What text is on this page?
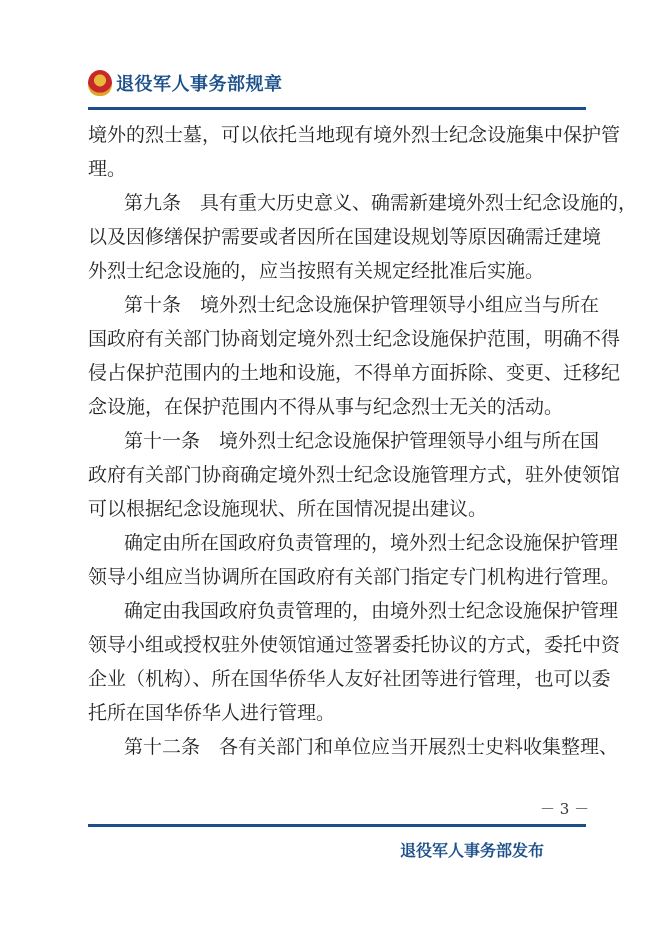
退役军人事务部规章
境外的烈士墓，可以依托当地现有境外烈士纪念设施集中保护管
理。
第九条　具有重大历史意义、确需新建境外烈士纪念设施的，
以及因修缮保护需要或者因所在国建设规划等原因确需迁建境
外烈士纪念设施的，应当按照有关规定经批准后实施。
第十条　境外烈士纪念设施保护管理领导小组应当与所在
国政府有关部门协商划定境外烈士纪念设施保护范围，明确不得
侵占保护范围内的土地和设施，不得单方面拆除、变更、迁移纪
念设施，在保护范围内不得从事与纪念烈士无关的活动。
第十一条　境外烈士纪念设施保护管理领导小组与所在国
政府有关部门协商确定境外烈士纪念设施管理方式，驻外使领馆
可以根据纪念设施现状、所在国情况提出建议。
确定由所在国政府负责管理的，境外烈士纪念设施保护管理
领导小组应当协调所在国政府有关部门指定专门机构进行管理。
确定由我国政府负责管理的，由境外烈士纪念设施保护管理
领导小组或授权驻外使领馆通过签署委托协议的方式，委托中资
企业（机构）、所在国华侨华人友好社团等进行管理，也可以委
托所在国华侨华人进行管理。
第十二条　各有关部门和单位应当开展烈士史料收集整理、
－ 3 －
退役军人事务部发布
